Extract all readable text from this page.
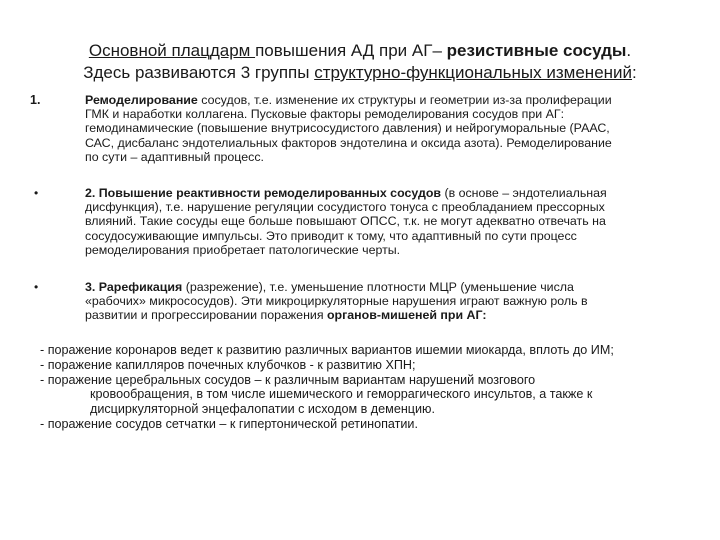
Основной плацдарм повышения АД при АГ– резистивные сосуды.
Здесь развиваются 3 группы структурно-функциональных изменений:
1.	Ремоделирование сосудов, т.е. изменение их структуры и геометрии из-за пролиферации
ГМК и наработки коллагена. Пусковые факторы ремоделирования сосудов при АГ:
гемодинамические (повышение внутрисосудистого давления) и нейрогуморальные (РААС,
САС, дисбаланс эндотелиальных факторов эндотелина и оксида азота). Ремоделирование
по сути – адаптивный процесс.
•	2. Повышение реактивности ремоделированных сосудов (в основе – эндотелиальная
дисфункция), т.е. нарушение регуляции сосудистого тонуса с преобладанием прессорных
влияний. Такие сосуды еще больше повышают ОПСС, т.к. не могут адекватно отвечать на
сосудосуживающие импульсы. Это приводит к тому, что адаптивный по сути процесс
ремоделирования приобретает патологические черты.
•	3. Рарефикация (разрежение), т.е. уменьшение плотности МЦР (уменьшение числа
«рабочих» микрососудов). Эти микроциркуляторные нарушения играют важную роль в
развитии и прогрессировании поражения органов-мишеней при АГ:
- поражение коронаров ведет к развитию различных вариантов ишемии миокарда, вплоть до ИМ;
- поражение капилляров почечных клубочков - к развитию ХПН;
- поражение церебральных сосудов – к различным вариантам нарушений мозгового
кровообращения, в том числе ишемического и геморрагического инсультов, а также к
дисциркуляторной энцефалопатии с исходом в деменцию.
- поражение сосудов сетчатки – к гипертонической ретинопатии.
